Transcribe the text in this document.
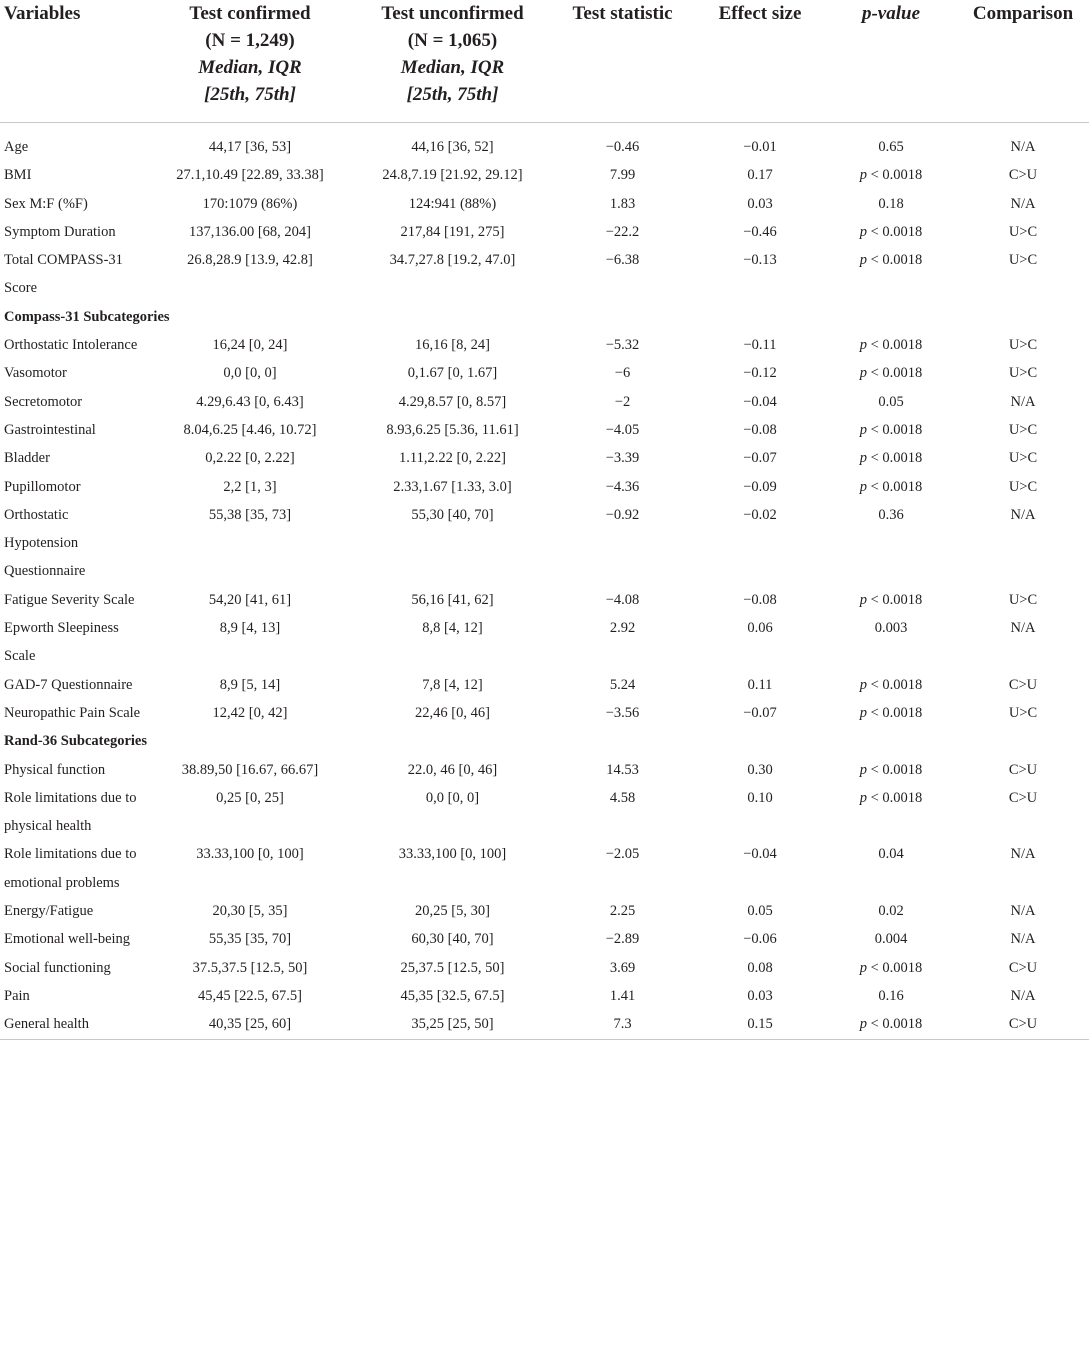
Variables	Test confirmed
(N = 1,249)
Median, IQR
[25th, 75th]	Test unconfirmed
(N = 1,065)
Median, IQR
[25th, 75th]	Test statistic	Effect size	p-value	Comparison

Age	44,17 [36, 53]	44,16 [36, 52]	−0.46	−0.01	0.65	N/A
BMI	27.1,10.49 [22.89, 33.38]	24.8,7.19 [21.92, 29.12]	7.99	0.17	p < 0.0018	C>U
Sex M:F (%F)	170:1079 (86%)	124:941 (88%)	1.83	0.03	0.18	N/A
Symptom Duration	137,136.00 [68, 204]	217,84 [191, 275]	−22.2	−0.46	p < 0.0018	U>C
Total COMPASS-31 Score	26.8,28.9 [13.9, 42.8]	34.7,27.8 [19.2, 47.0]	−6.38	−0.13	p < 0.0018	U>C
Compass-31 Subcategories						
Orthostatic Intolerance	16,24 [0, 24]	16,16 [8, 24]	−5.32	−0.11	p < 0.0018	U>C
Vasomotor	0,0 [0, 0]	0,1.67 [0, 1.67]	−6	−0.12	p < 0.0018	U>C
Secretomotor	4.29,6.43 [0, 6.43]	4.29,8.57 [0, 8.57]	−2	−0.04	0.05	N/A
Gastrointestinal	8.04,6.25 [4.46, 10.72]	8.93,6.25 [5.36, 11.61]	−4.05	−0.08	p < 0.0018	U>C
Bladder	0,2.22 [0, 2.22]	1.11,2.22 [0, 2.22]	−3.39	−0.07	p < 0.0018	U>C
Pupillomotor	2,2 [1, 3]	2.33,1.67 [1.33, 3.0]	−4.36	−0.09	p < 0.0018	U>C
Orthostatic Hypotension Questionnaire	55,38 [35, 73]	55,30 [40, 70]	−0.92	−0.02	0.36	N/A
Fatigue Severity Scale	54,20 [41, 61]	56,16 [41, 62]	−4.08	−0.08	p < 0.0018	U>C
Epworth Sleepiness Scale	8,9 [4, 13]	8,8 [4, 12]	2.92	0.06	0.003	N/A
GAD-7 Questionnaire	8,9 [5, 14]	7,8 [4, 12]	5.24	0.11	p < 0.0018	C>U
Neuropathic Pain Scale	12,42 [0, 42]	22,46 [0, 46]	−3.56	−0.07	p < 0.0018	U>C
Rand-36 Subcategories						
Physical function	38.89,50 [16.67, 66.67]	22.0, 46 [0, 46]	14.53	0.30	p < 0.0018	C>U
Role limitations due to physical health	0,25 [0, 25]	0,0 [0, 0]	4.58	0.10	p < 0.0018	C>U
Role limitations due to emotional problems	33.33,100 [0, 100]	33.33,100 [0, 100]	−2.05	−0.04	0.04	N/A
Energy/Fatigue	20,30 [5, 35]	20,25 [5, 30]	2.25	0.05	0.02	N/A
Emotional well-being	55,35 [35, 70]	60,30 [40, 70]	−2.89	−0.06	0.004	N/A
Social functioning	37.5,37.5 [12.5, 50]	25,37.5 [12.5, 50]	3.69	0.08	p < 0.0018	C>U
Pain	45,45 [22.5, 67.5]	45,35 [32.5, 67.5]	1.41	0.03	0.16	N/A
General health	40,35 [25, 60]	35,25 [25, 50]	7.3	0.15	p < 0.0018	C>U
